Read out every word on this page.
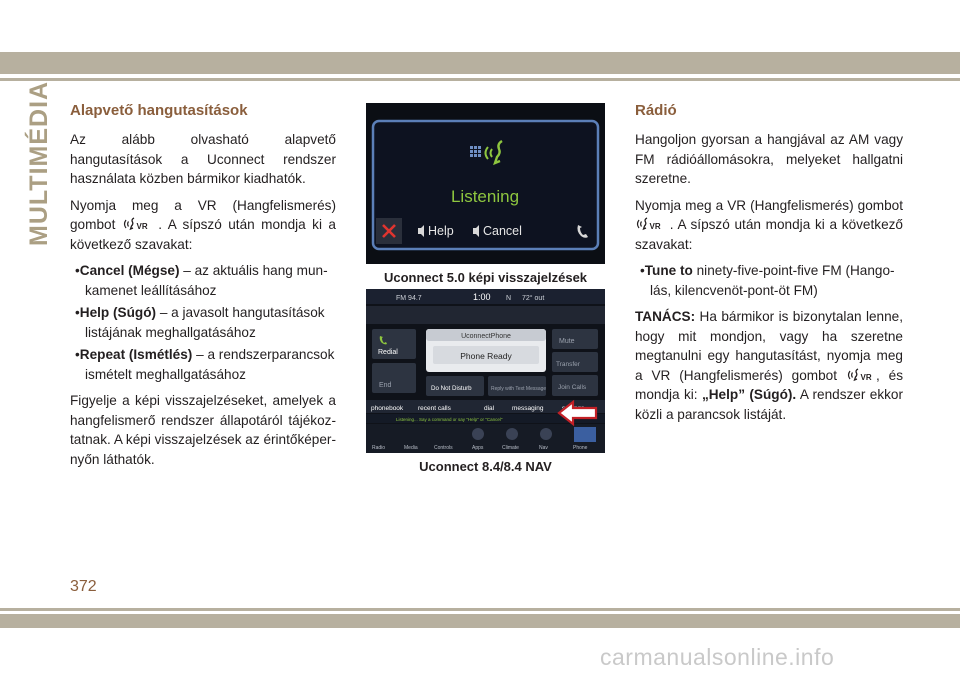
MULTIMÉDIA Alapvető hangutasítások

Az alább olvasható alapvető hangutasítások a Uconnect rendszer használata közben bármikor kiadhatók.

Nyomja meg a VR (Hangfelismerés) gombot	VR . A sípszó után mondja ki a következő szavakat:

•Cancel (Mégse) – az aktuális hang munkamenet leállításához
•Help (Súgó) – a javasolt hangutasítások listájának meghallgatásához
•Repeat (Ismétlés) – a rendszerparancsok ismételt meghallgatásához

Figyelje a képi visszajelzéseket, amelyek a hangfelismerő rendszer állapotáról tájékoztatnak. A képi visszajelzések az érintőképernyőn láthatók.

Listening
Help Cancel
Uconnect 5.0 képi visszajelzések
FM 94.7	1:00 N 72° out
Redial
End
UconnectPhone
Phone Ready
Do Not Disturb	Reply with Text Message
Mute
Transfer
Join Calls
phonebook recent calls	dial	messaging
Listening... Say a command or say "Help" or "Cancel"
Radio	Media	Controls	Apps	Climate	Nav	Phone
Uconnect 8.4/8.4 NAV
Rádió

Hangoljon gyorsan a hangjával az AM vagy FM rádióállomásokra, melyeket hallgatni szeretne.

Nyomja meg a VR (Hangfelismerés) gombot
VR . A sípszó után mondja ki a következő szavakat:

•Tune to ninety-five-point-five FM (Hangolás, kilencvenöt-pont-öt FM)

TANÁCS: Ha bármikor is bizonytalan lenne, hogy mit mondjon, vagy ha szeretne megtanulni egy hangutasítást, nyomja meg a VR (Hangfelismerés) gombot	VR , és mondja ki: „Help” (Súgó). A rendszer ekkor közli a parancsok listáját.

372
carmanualsonline.info
